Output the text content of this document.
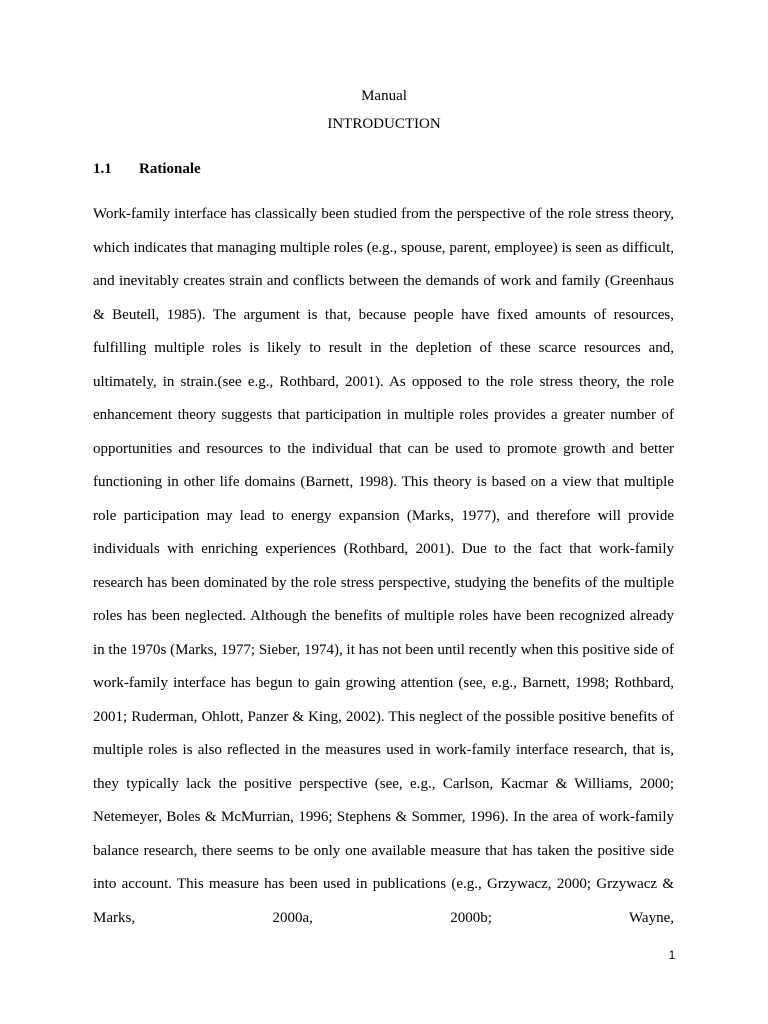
Manual
INTRODUCTION
1.1 Rationale

Work-family interface has classically been studied from the perspective of the role stress theory, which indicates that managing multiple roles (e.g., spouse, parent, employee) is seen as difficult, and inevitably creates strain and conflicts between the demands of work and family (Greenhaus & Beutell, 1985). The argument is that, because people have fixed amounts of resources, fulfilling multiple roles is likely to result in the depletion of these scarce resources and, ultimately, in strain.(see e.g., Rothbard, 2001). As opposed to the role stress theory, the role enhancement theory suggests that participation in multiple roles provides a greater number of opportunities and resources to the individual that can be used to promote growth and better functioning in other life domains (Barnett, 1998). This theory is based on a view that multiple role participation may lead to energy expansion (Marks, 1977), and therefore will provide individuals with enriching experiences (Rothbard, 2001). Due to the fact that work-family research has been dominated by the role stress perspective, studying the benefits of the multiple roles has been neglected. Although the benefits of multiple roles have been recognized already in the 1970s (Marks, 1977; Sieber, 1974), it has not been until recently when this positive side of work-family interface has begun to gain growing attention (see, e.g., Barnett, 1998; Rothbard, 2001; Ruderman, Ohlott, Panzer & King, 2002). This neglect of the possible positive benefits of multiple roles is also reflected in the measures used in work-family interface research, that is, they typically lack the positive perspective (see, e.g., Carlson, Kacmar & Williams, 2000; Netemeyer, Boles & McMurrian, 1996; Stephens & Sommer, 1996). In the area of work-family balance research, there seems to be only one available measure that has taken the positive side into account. This measure has been used in publications (e.g., Grzywacz, 2000; Grzywacz & Marks, 2000a, 2000b; Wayne,

1
